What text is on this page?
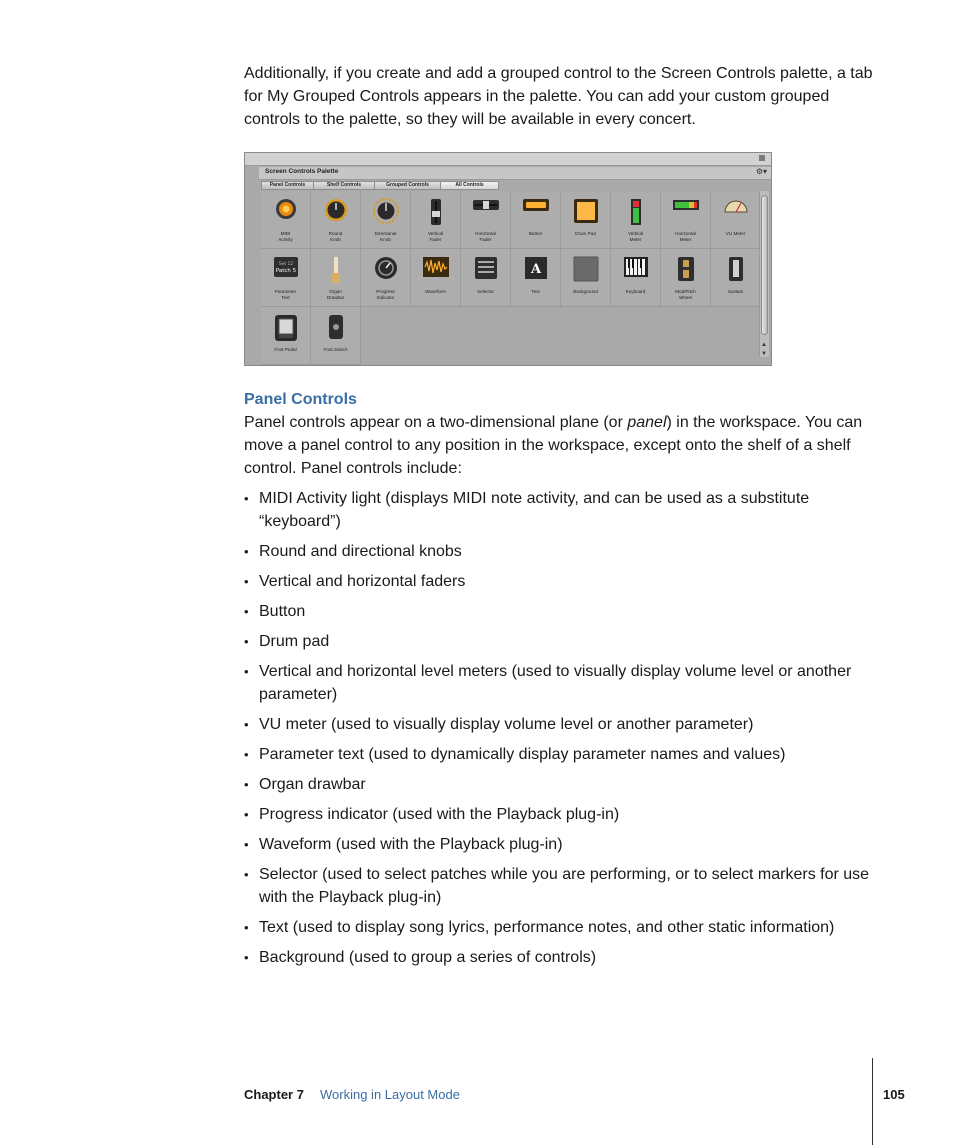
Additionally, if you create and add a grouped control to the Screen Controls palette, a tab for My Grouped Controls appears in the palette. You can add your custom grouped controls to the palette, so they will be available in every concert.

Screen Controls Palette	⚙▾
Panel Controls	Shelf Controls	Grouped Controls	All Controls
MIDI
Activity
Round
Knob
Directional
Knob
Vertical
Fader
Horizontal
Fader
Button	Drum Pad	Vertical
Meter
Horizontal
Meter
VU Meter
Set 12
Patch 5
Parameter
Text
Organ
Drawbar
Progress
Indicator
Waveform	Selector
A
Text	Background	Keyboard	Mod/Pitch
Wheel
Sustain
Foot Pedal	Foot Switch
▲
▼
Panel Controls

Panel controls appear on a two-dimensional plane (or panel) in the workspace. You can move a panel control to any position in the workspace, except onto the shelf of a shelf control. Panel controls include:

• MIDI Activity light (displays MIDI note activity, and can be used as a substitute “keyboard”)
• Round and directional knobs
• Vertical and horizontal faders
• Button
• Drum pad
• Vertical and horizontal level meters (used to visually display volume level or another parameter)
• VU meter (used to visually display volume level or another parameter)
• Parameter text (used to dynamically display parameter names and values)
• Organ drawbar
• Progress indicator (used with the Playback plug-in)
• Waveform (used with the Playback plug-in)
• Selector (used to select patches while you are performing, or to select markers for use with the Playback plug-in)
• Text (used to display song lyrics, performance notes, and other static information)
• Background (used to group a series of controls)
Chapter 7 Working in Layout Mode	105
